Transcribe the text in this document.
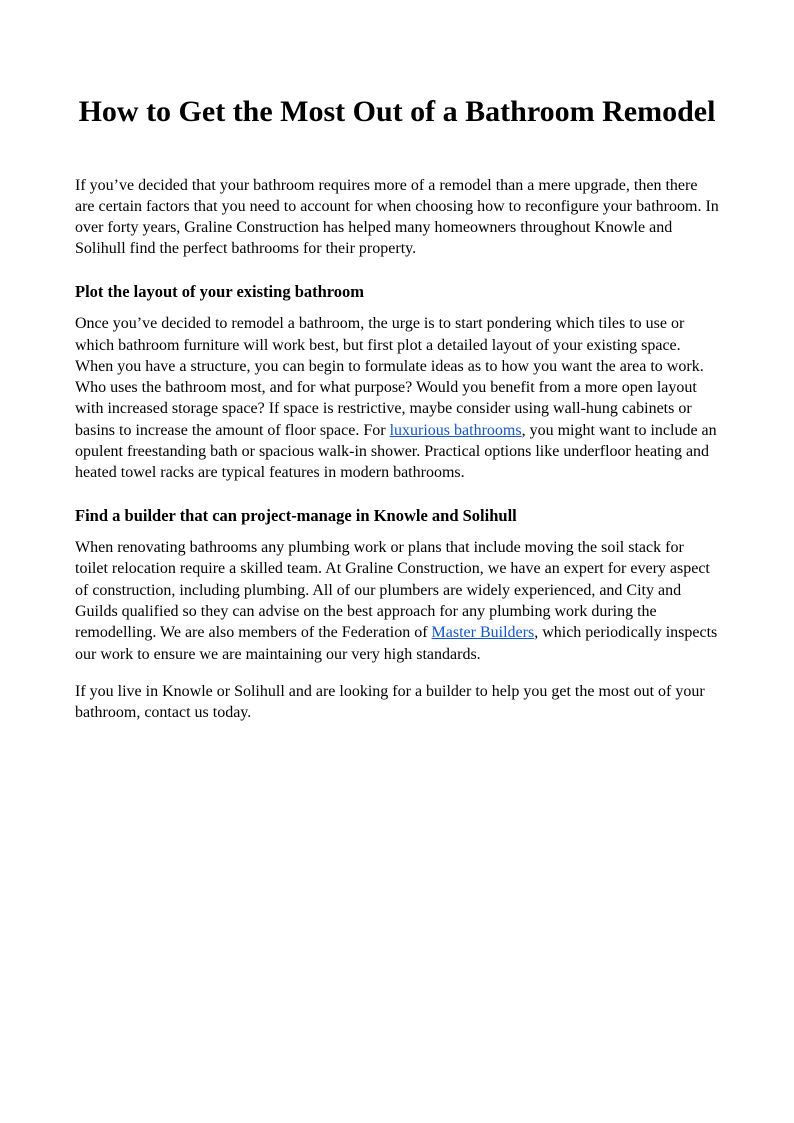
How to Get the Most Out of a Bathroom Remodel

If you’ve decided that your bathroom requires more of a remodel than a mere upgrade, then there are certain factors that you need to account for when choosing how to reconfigure your bathroom. In over forty years, Graline Construction has helped many homeowners throughout Knowle and Solihull find the perfect bathrooms for their property.

Plot the layout of your existing bathroom

Once you’ve decided to remodel a bathroom, the urge is to start pondering which tiles to use or which bathroom furniture will work best, but first plot a detailed layout of your existing space. When you have a structure, you can begin to formulate ideas as to how you want the area to work. Who uses the bathroom most, and for what purpose? Would you benefit from a more open layout with increased storage space? If space is restrictive, maybe consider using wall-hung cabinets or basins to increase the amount of floor space. For luxurious bathrooms, you might want to include an opulent freestanding bath or spacious walk-in shower. Practical options like underfloor heating and heated towel racks are typical features in modern bathrooms.

Find a builder that can project-manage in Knowle and Solihull

When renovating bathrooms any plumbing work or plans that include moving the soil stack for toilet relocation require a skilled team. At Graline Construction, we have an expert for every aspect of construction, including plumbing. All of our plumbers are widely experienced, and City and Guilds qualified so they can advise on the best approach for any plumbing work during the remodelling. We are also members of the Federation of Master Builders, which periodically inspects our work to ensure we are maintaining our very high standards.

If you live in Knowle or Solihull and are looking for a builder to help you get the most out of your bathroom, contact us today.
